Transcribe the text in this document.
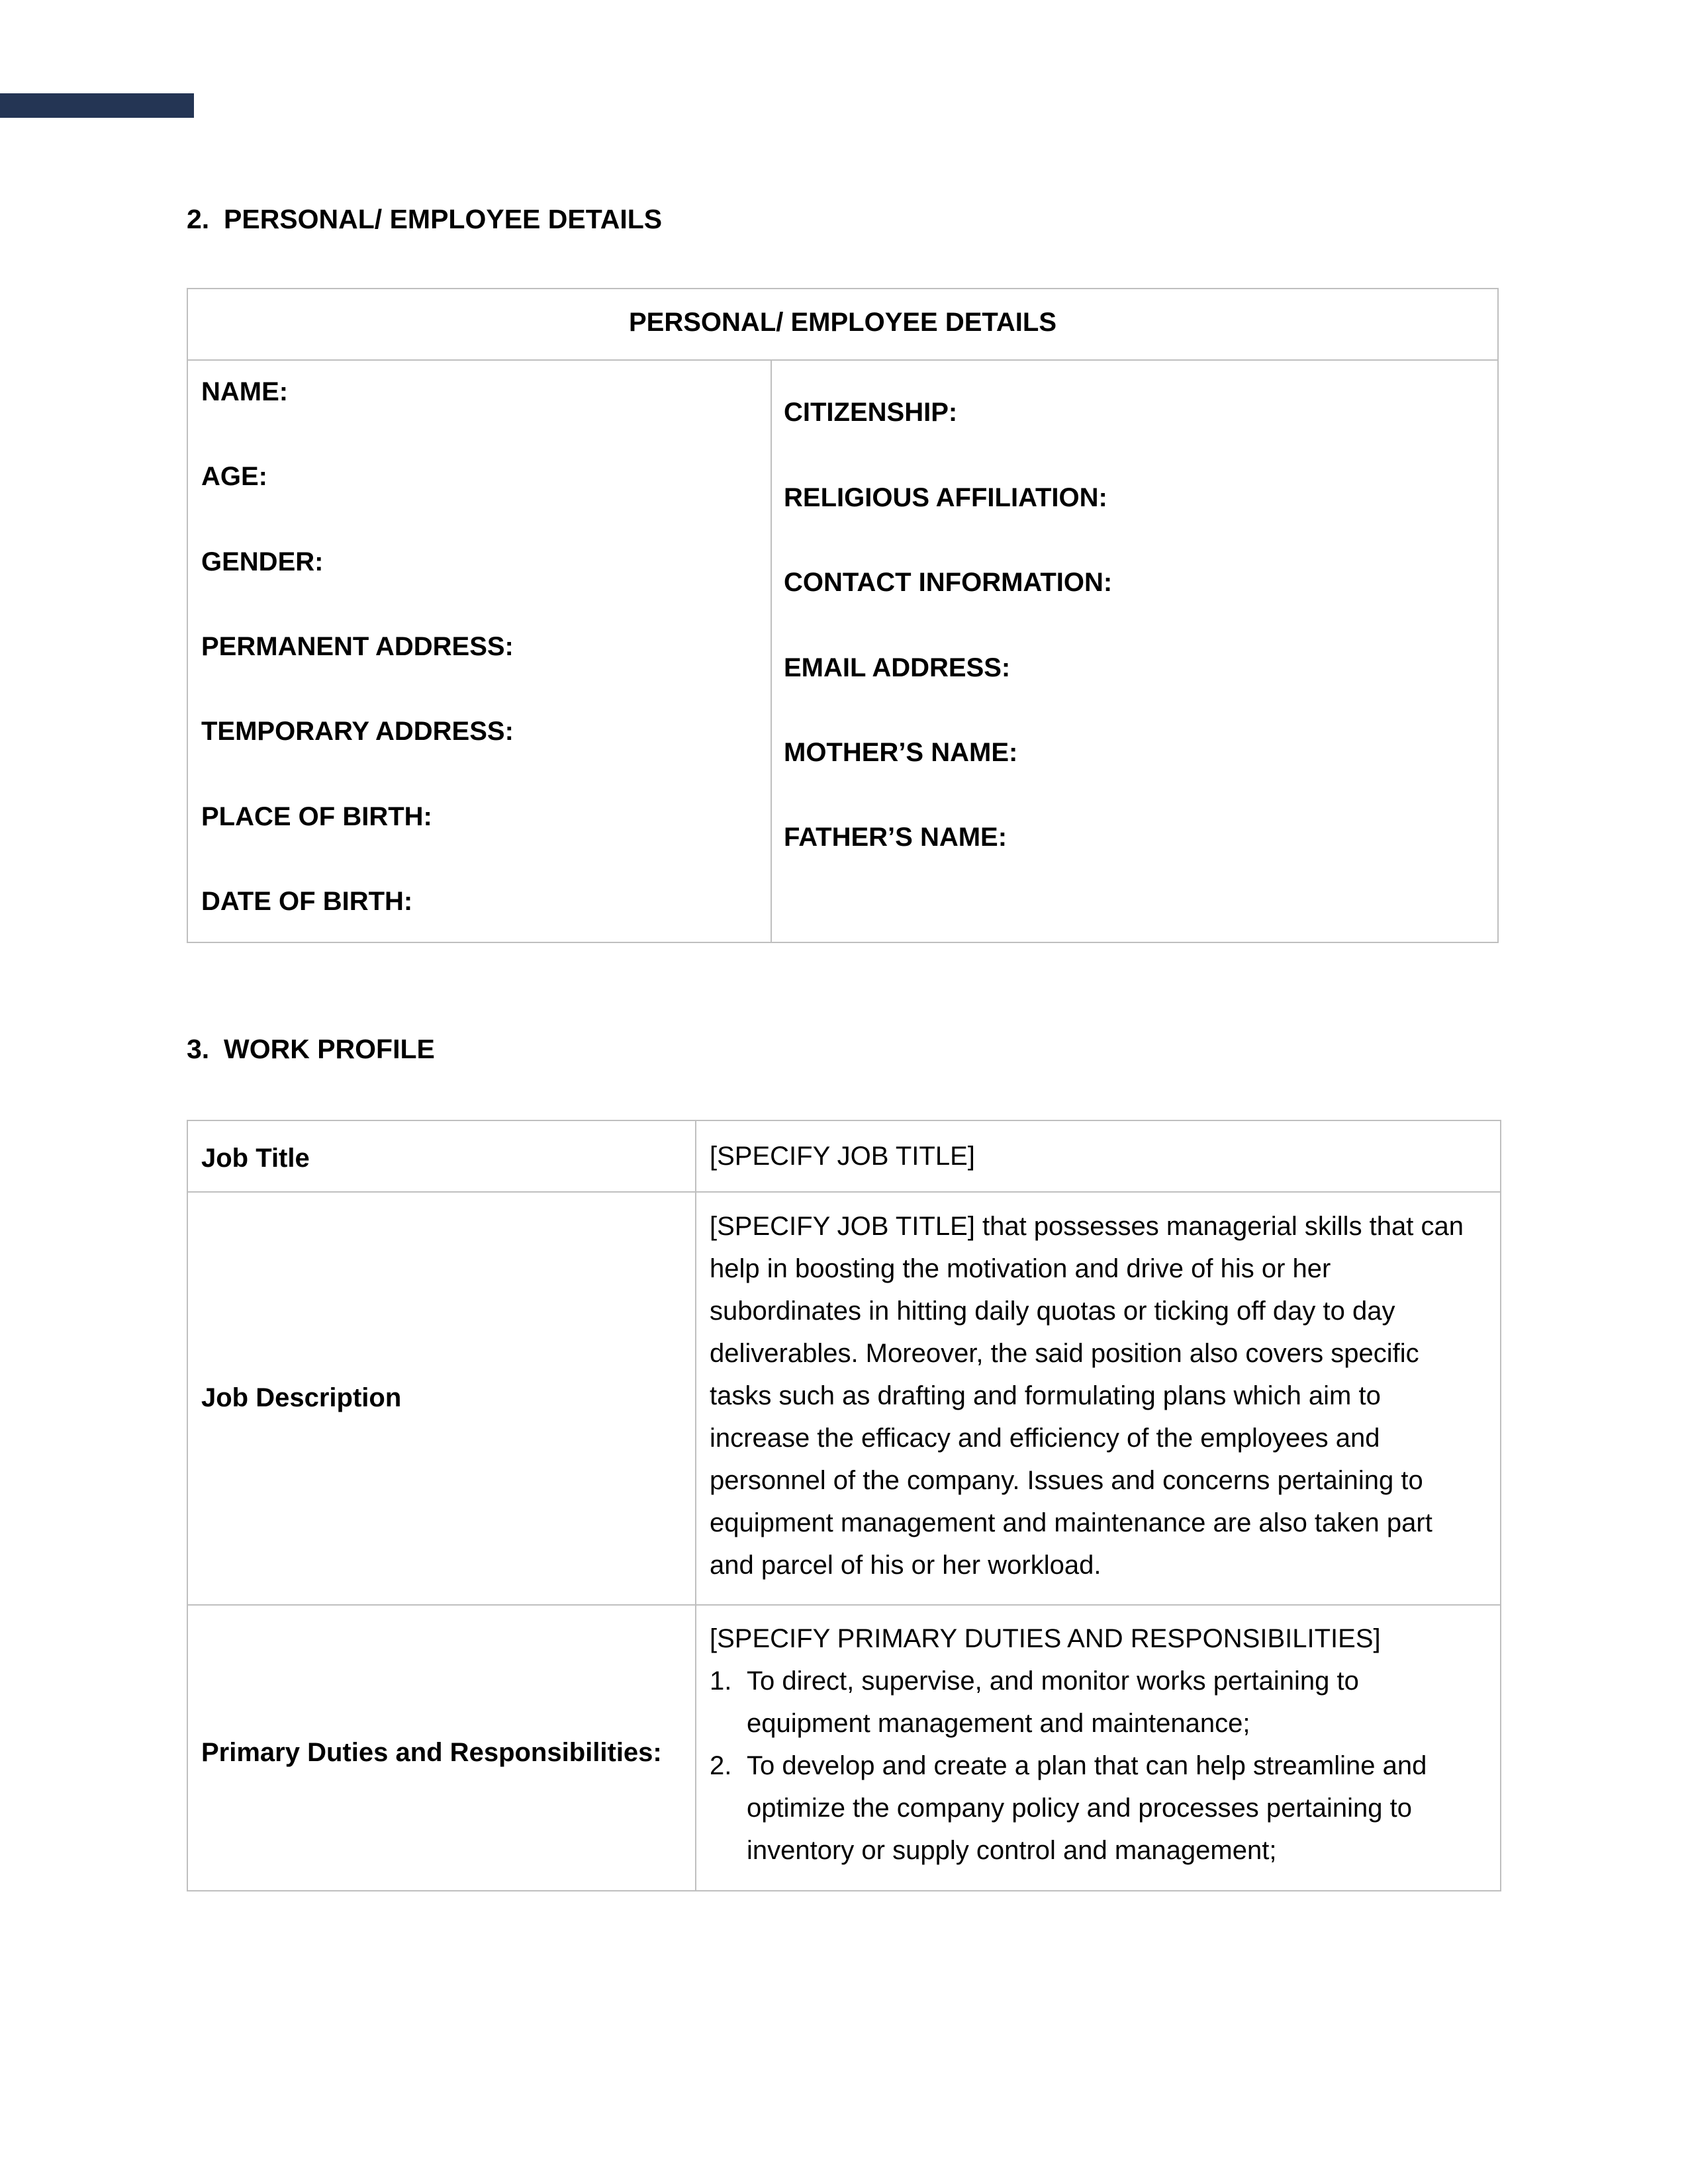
2. PERSONAL/ EMPLOYEE DETAILS
PERSONAL/ EMPLOYEE DETAILS
NAME:
AGE:
GENDER:
PERMANENT ADDRESS:
TEMPORARY ADDRESS:
PLACE OF BIRTH:
DATE OF BIRTH:
CITIZENSHIP:
RELIGIOUS AFFILIATION:
CONTACT INFORMATION:
EMAIL ADDRESS:
MOTHER’S NAME:
FATHER’S NAME:
3. WORK PROFILE
Job Title	[SPECIFY JOB TITLE]
Job Description
[SPECIFY JOB TITLE] that possesses managerial skills that can
help in boosting the motivation and drive of his or her
subordinates in hitting daily quotas or ticking off day to day
deliverables. Moreover, the said position also covers specific
tasks such as drafting and formulating plans which aim to
increase the efficacy and efficiency of the employees and
personnel of the company. Issues and concerns pertaining to
equipment management and maintenance are also taken part
and parcel of his or her workload.
Primary Duties and Responsibilities:
[SPECIFY PRIMARY DUTIES AND RESPONSIBILITIES]
1. To direct, supervise, and monitor works pertaining to
equipment management and maintenance;
2. To develop and create a plan that can help streamline and
optimize the company policy and processes pertaining to
inventory or supply control and management;
